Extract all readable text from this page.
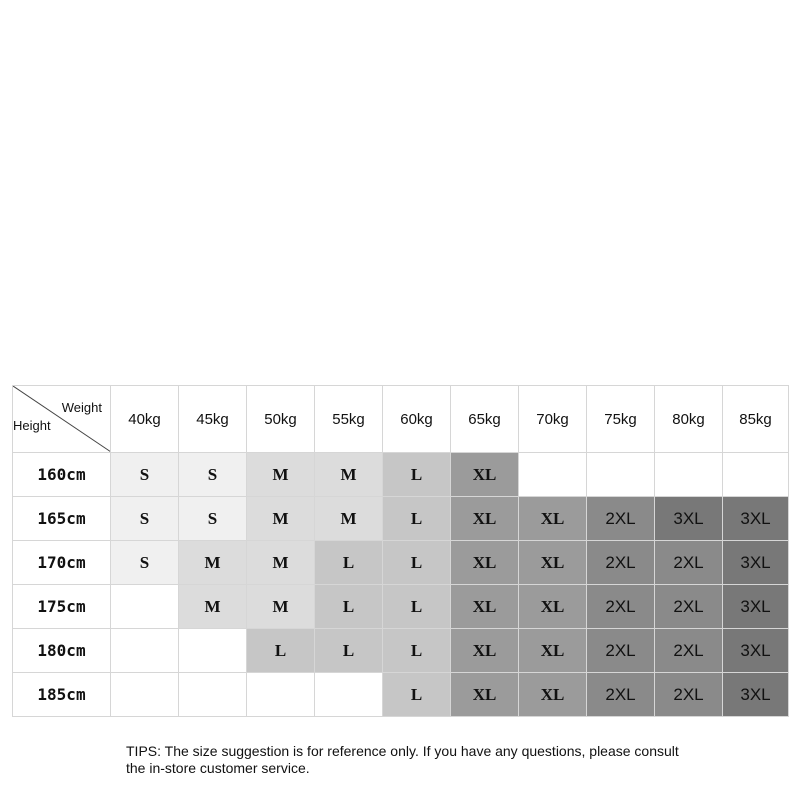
Weight
Height	40kg	45kg	50kg	55kg	60kg	65kg	70kg	75kg	80kg	85kg
160cm	S	S	M	M	L	XL				
165cm	S	S	M	M	L	XL	XL	2XL	3XL	3XL
170cm	S	M	M	L	L	XL	XL	2XL	2XL	3XL
175cm		M	M	L	L	XL	XL	2XL	2XL	3XL
180cm			L	L	L	XL	XL	2XL	2XL	3XL
185cm					L	XL	XL	2XL	2XL	3XL
TIPS: The size suggestion is for reference only. If you have any questions, please consult the in-store customer service.
